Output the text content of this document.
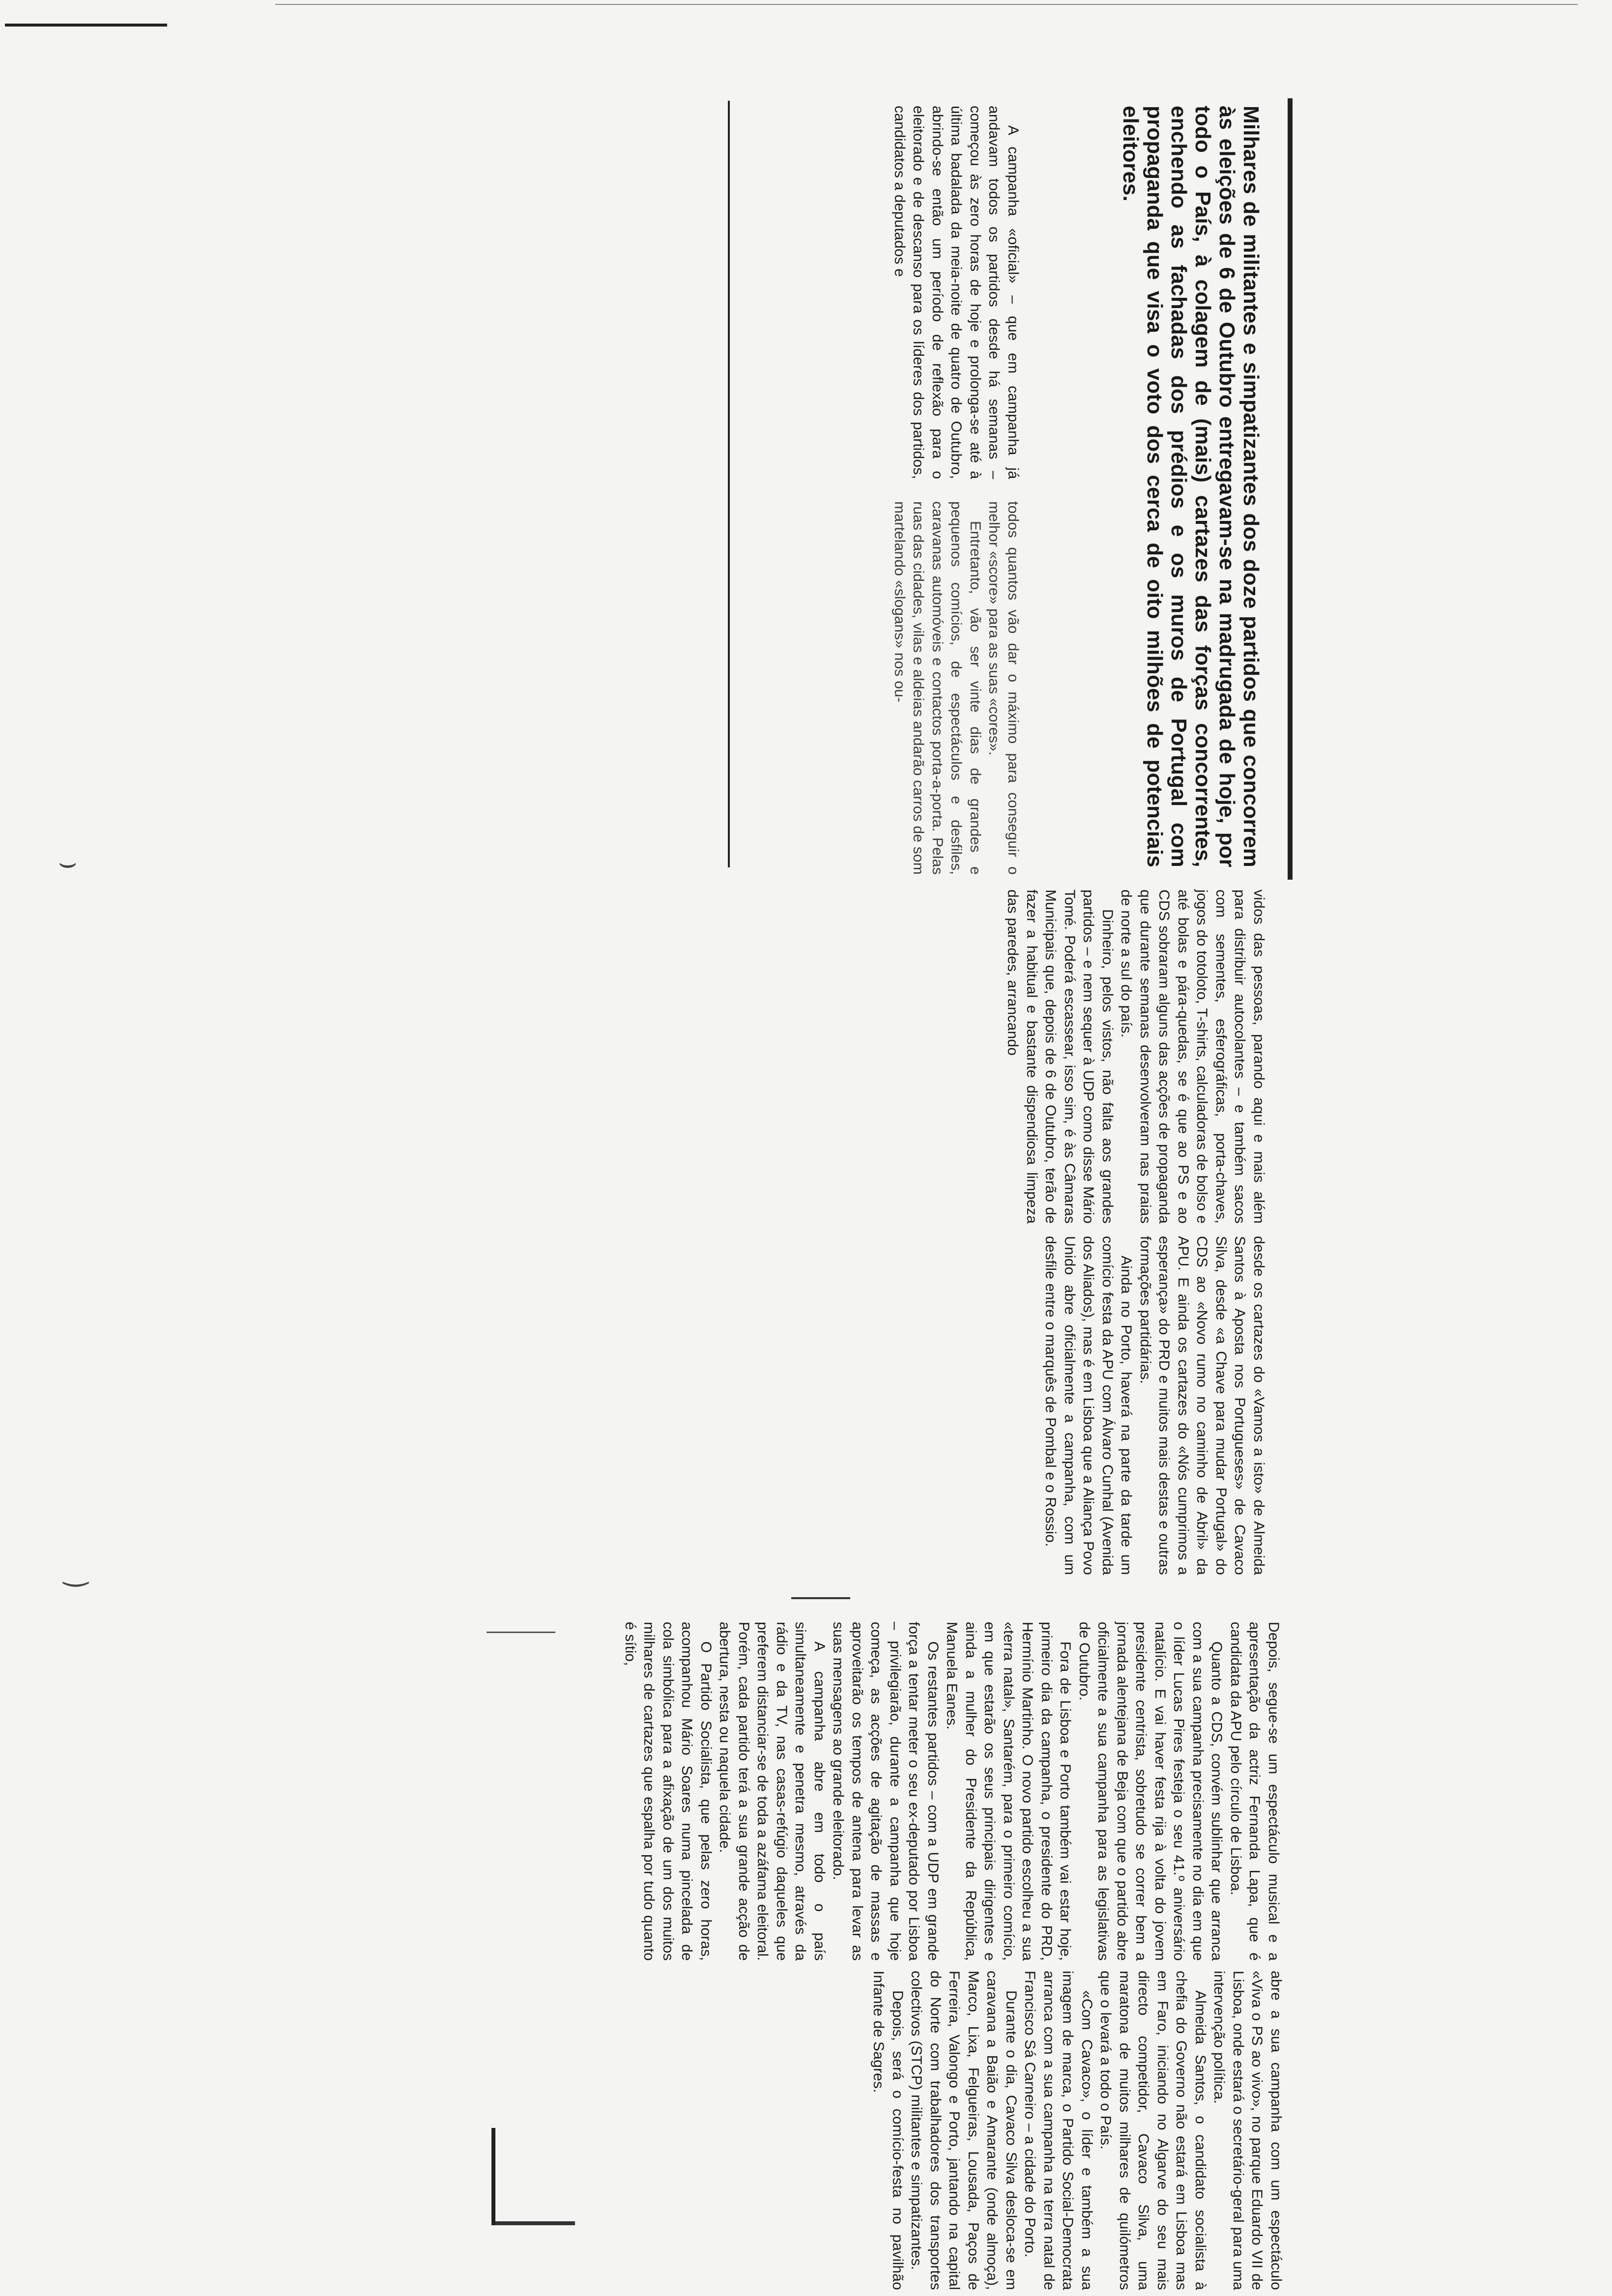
⌣
‿
Milhares de militantes e simpatizantes dos doze partidos que concorrem às eleições de 6 de Outubro entregavam-se na madrugada de hoje, por todo o País, à colagem de (mais) cartazes das forças concorrentes, enchendo as fachadas dos prédios e os muros de Portugal com propaganda que visa o voto dos cerca de oito milhões de potenciais eleitores.

A campanha «oficial» – que em campanha já andavam todos os partidos desde há semanas – começou às zero horas de hoje e prolonga-se até à última badalada da meia-noite de quatro de Outubro, abrindo-se então um período de reflexão para o eleitorado e de descanso para os líderes dos partidos, candidatos a deputados e

todos quantos vão dar o máximo para conseguir o melhor «score» para as suas «cores».

Entretanto, vão ser vinte dias de grandes e pequenos comícios, de espectáculos e desfiles, caravanas automóveis e contactos porta-a-porta. Pelas ruas das cidades, vilas e aldeias andarão carros de som martelando «slogans» nos ou-

vidos das pessoas, parando aqui e mais além para distribuir autocolantes – e também sacos com sementes, esferográficas, porta-chaves, jogos do totoloto, T-shirts, calculadoras de bolso e até bolas e pára-quedas, se é que ao PS e ao CDS sobraram alguns das acções de propaganda que durante semanas desenvolveram nas praias de norte a sul do país.

Dinheiro, pelos vistos, não falta aos grandes partidos – e nem sequer à UDP como disse Mário Tomé. Poderá escassear, isso sim, é às Câmaras Municipais que, depois de 6 de Outubro, terão de fazer a habitual e bastante dispendiosa limpeza das paredes, arrancando

desde os cartazes do «Vamos a isto» de Almeida Santos à Aposta nos Portugueses» de Cavaco Silva, desde «a Chave para mudar Portugal» do CDS ao «Novo rumo no caminho de Abril» da APU. E ainda os cartazes do «Nós cumprimos a esperança» do PRD e muitos mais destas e outras formações partidárias.

Ainda no Porto, haverá na parte da tarde um comício festa da APU com Álvaro Cunhal (Avenida dos Aliados), mas é em Lisboa que a Aliança Povo Unido abre oficialmente a campanha, com um desfile entre o marquês de Pombal e o Rossio.

Depois, segue-se um espectáculo musical e a apresentação da actriz Fernanda Lapa, que é candidata da APU pelo círculo de Lisboa.

Quanto a CDS, convém sublinhar que arranca com a sua campanha precisamente no dia em que o líder Lucas Pires festeja o seu 41.º aniversário natalício. E vai haver festa rija à volta do jovem presidente centrista, sobretudo se correr bem a jornada alentejana de Beja com que o partido abre oficialmente a sua campanha para as legislativas de Outubro.

Fora de Lisboa e Porto também vai estar hoje, primeiro dia da campanha, o presidente do PRD, Hermínio Martinho. O novo partido escolheu a sua «terra natal», Santarém, para o primeiro comício, em que estarão os seus principais dirigentes e ainda a mulher do Presidente da República, Manuela Eanes.

Os restantes partidos – com a UDP em grande força a tentar meter o seu ex-deputado por Lisboa – privilegiarão, durante a campanha que hoje começa, as acções de agitação de massas e aproveitarão os tempos de antena para levar as suas mensagens ao grande eleitorado.

A campanha abre em todo o país simultaneamente e penetra mesmo, através da rádio e da TV, nas casas-refúgio daqueles que preferem distanciar-se de toda a azáfama eleitoral. Porém, cada partido terá a sua grande acção de abertura, nesta ou naquela cidade.

O Partido Socialista, que pelas zero horas, acompanhou Mário Soares numa pincelada de cola simbólica para a afixação de um dos muitos milhares de cartazes que espalha por tudo quanto é sítio,

abre a sua campanha com um espectáculo «Viva o PS ao vivo», no parque Eduardo VII de Lisboa, onde estará o secretário-geral para uma intervenção política.

Almeida Santos, o candidato socialista à chefia do Governo não estará em Lisboa mas em Faro, iniciando no Algarve do seu mais directo competidor, Cavaco Silva, uma maratona de muitos milhares de quilómetros que o levará a todo o País.

«Com Cavaco», o líder e também a sua imagem de marca, o Partido Social-Democrata arranca com a sua campanha na terra natal de Francisco Sá Carneiro – a cidade do Porto.

Durante o dia, Cavaco Silva desloca-se em caravana a Baião e Amarante (onde almoça), Marco, Lixa, Felgueiras, Lousada, Paços de Ferreira, Valongo e Porto, jantando na capital do Norte com trabalhadores dos transportes colectivos (STCP) militantes e simpatizantes.

Depois, será o comício-festa no pavilhão Infante de Sagres.
